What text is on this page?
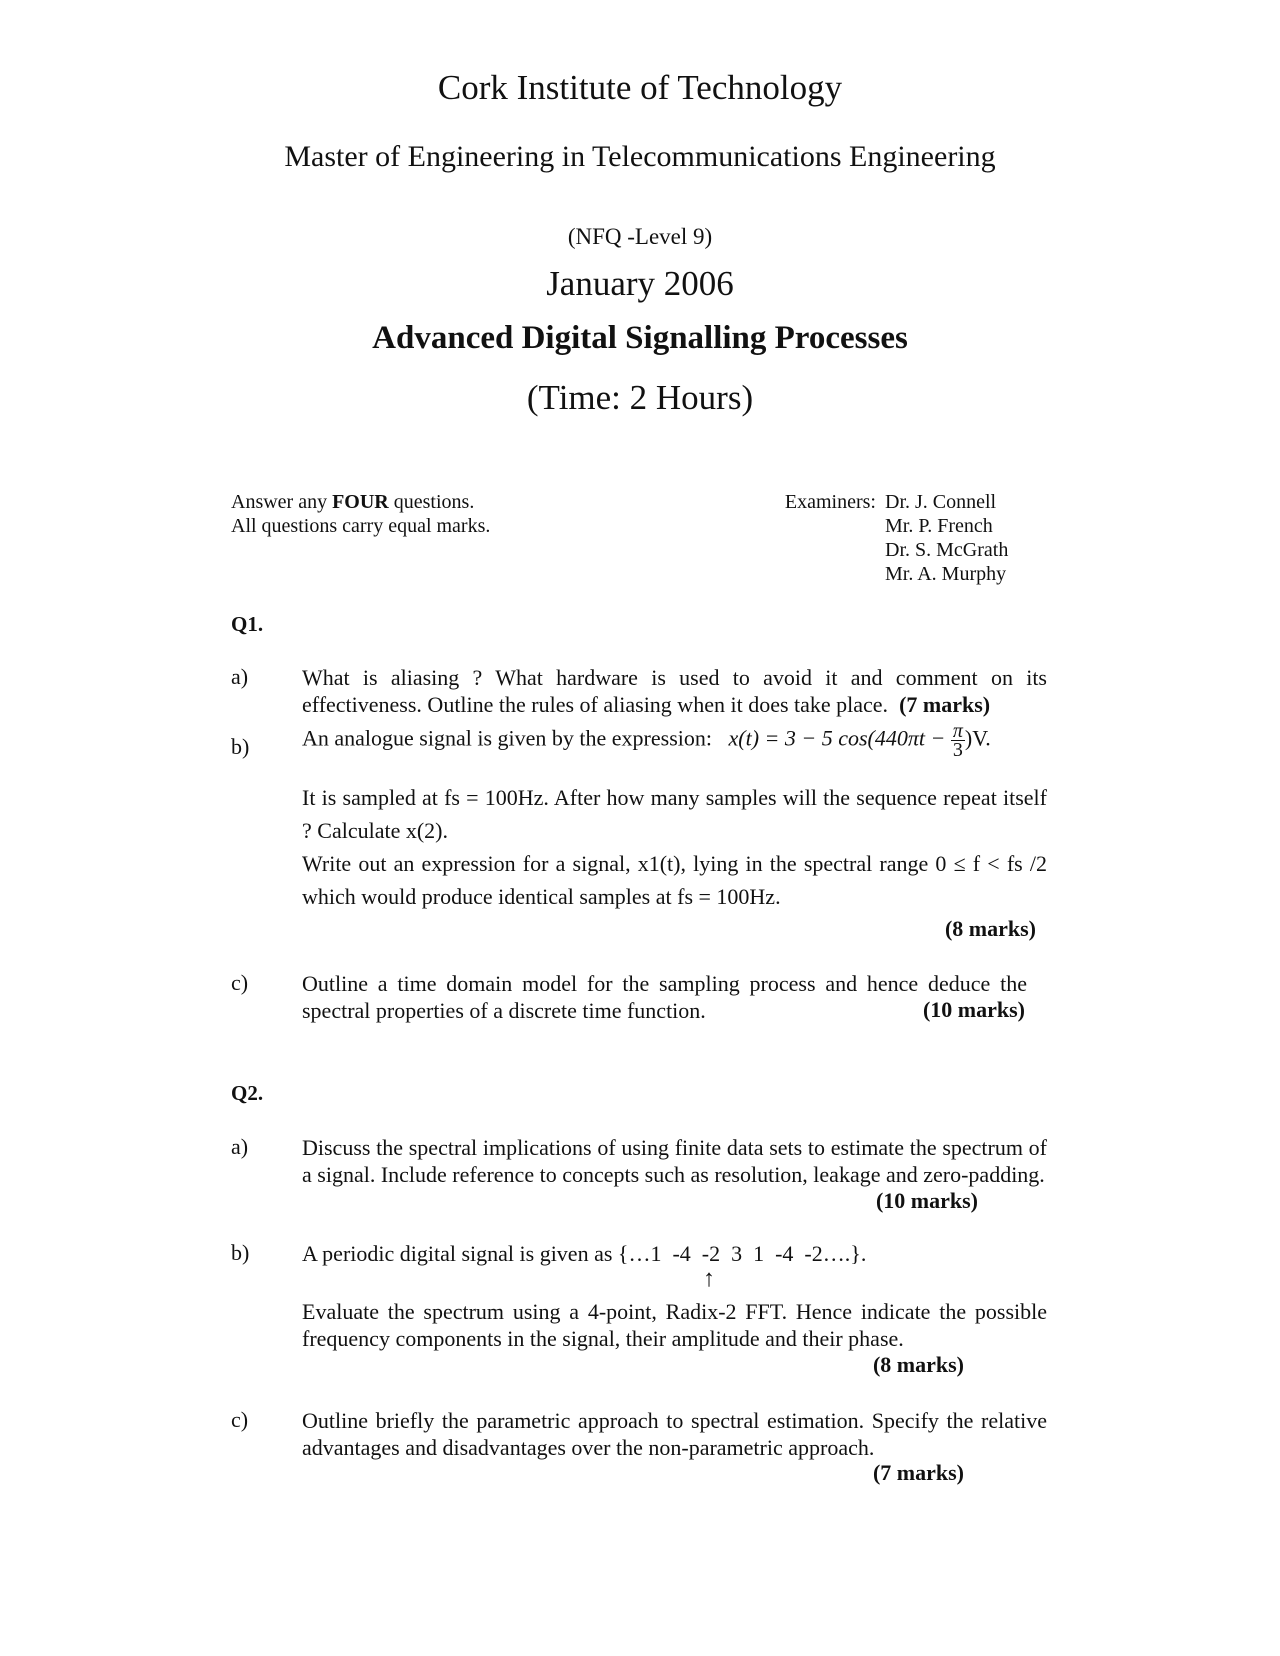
Cork Institute of Technology
Master of Engineering in Telecommunications Engineering
(NFQ -Level 9)
January 2006
Advanced Digital Signalling Processes
(Time: 2 Hours)
Answer any FOUR questions.
All questions carry equal marks.
Examiners: Dr. J. Connell
Mr. P. French
Dr. S. McGrath
Mr. A. Murphy
Q1.
a) What is aliasing ? What hardware is used to avoid it and comment on its effectiveness. Outline the rules of aliasing when it does take place. (7 marks)
b) An analogue signal is given by the expression: x(t) = 3 − 5 $\cos(440\pi t - \frac{\pi}{3} )V$.
It is sampled at fs = 100Hz. After how many samples will the sequence repeat itself ? Calculate x(2).
Write out an expression for a signal, x1(t), lying in the spectral range 0 ≤ f < fs /2 which would produce identical samples at fs = 100Hz.
(8 marks)
c) Outline a time domain model for the sampling process and hence deduce the spectral properties of a discrete time function.	(10 marks)
Q2.
a) Discuss the spectral implications of using finite data sets to estimate the spectrum of a signal. Include reference to concepts such as resolution, leakage and zero-padding.
(10 marks)
b) A periodic digital signal is given as {…1  -4  -2  3  1  -4  -2….}.
↑
Evaluate the spectrum using a 4-point, Radix-2 FFT. Hence indicate the possible frequency components in the signal, their amplitude and their phase.
(8 marks)
c) Outline briefly the parametric approach to spectral estimation. Specify the relative advantages and disadvantages over the non-parametric approach.
(7 marks)
